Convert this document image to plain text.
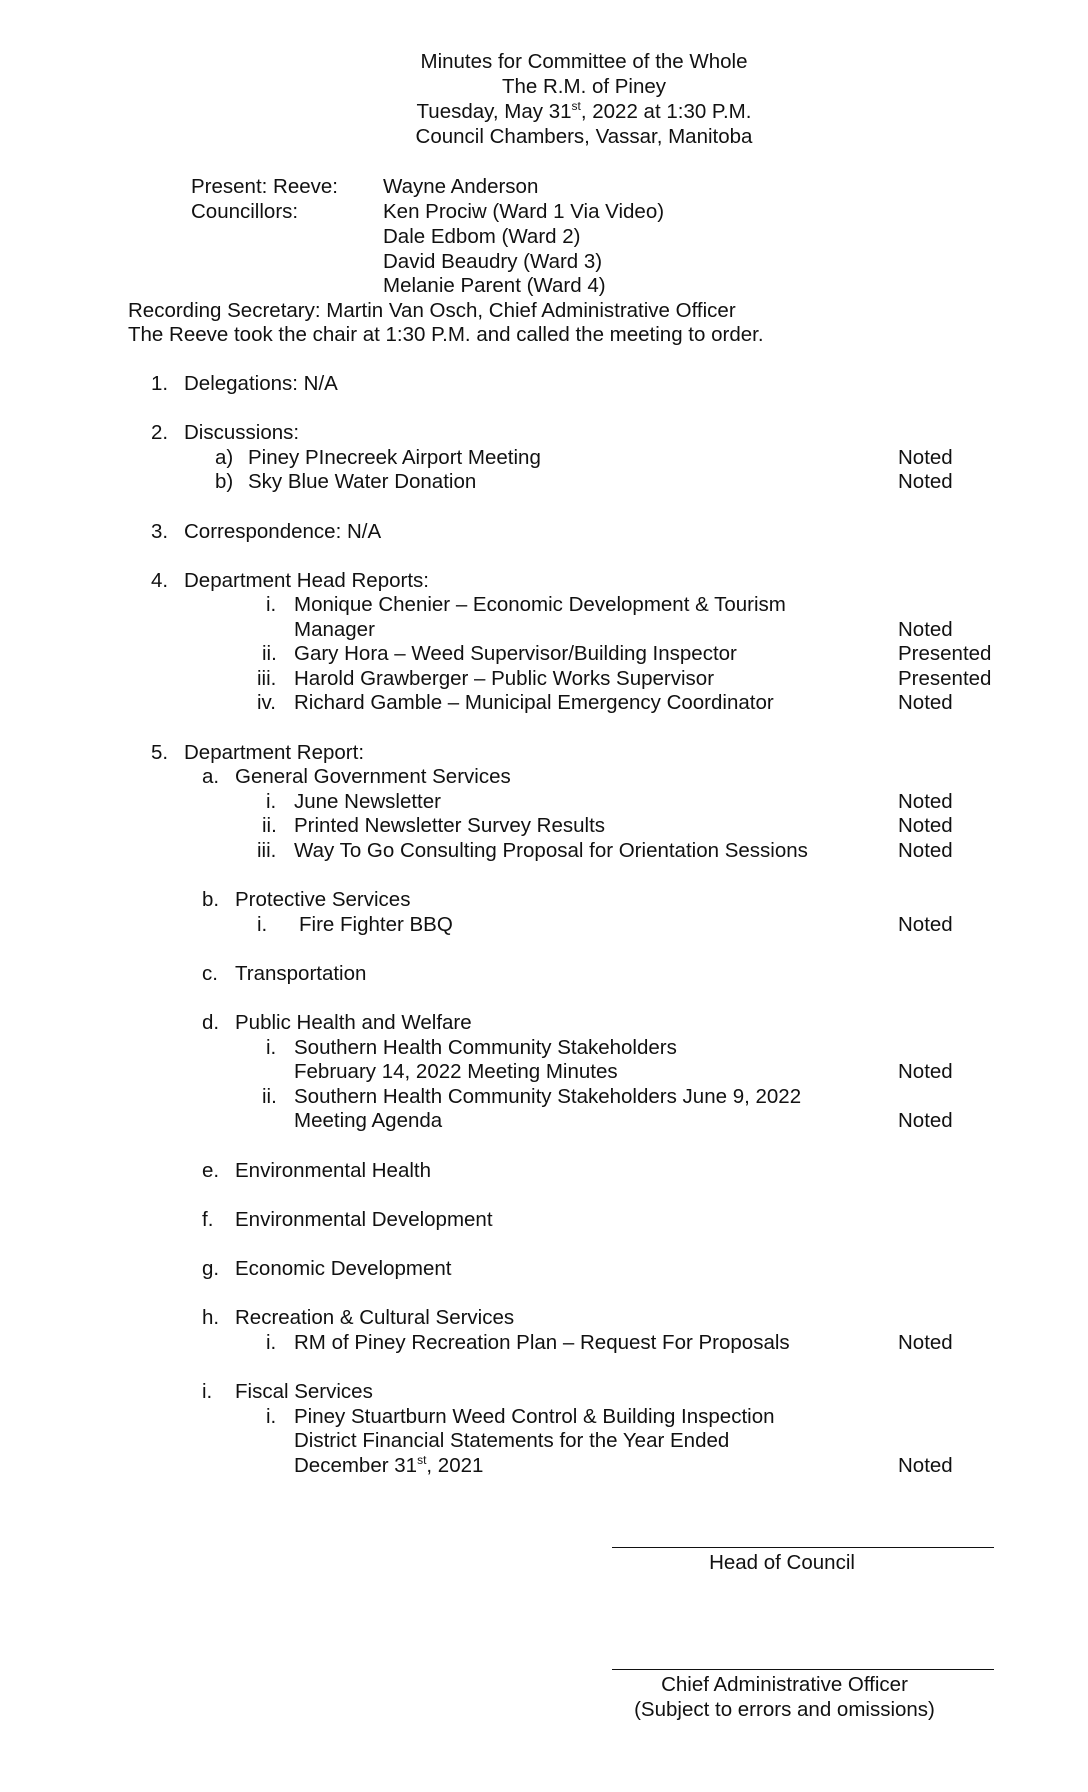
Minutes for Committee of the Whole
The R.M. of Piney
Tuesday, May 31st, 2022 at 1:30 P.M.
Council Chambers, Vassar, Manitoba
Present: Reeve: Wayne Anderson
Councillors:	Ken Prociw (Ward 1 Via Video)
Dale Edbom (Ward 2)
David Beaudry (Ward 3)
Melanie Parent (Ward 4)
Recording Secretary: Martin Van Osch, Chief Administrative Officer
The Reeve took the chair at 1:30 P.M. and called the meeting to order.
1. Delegations: N/A
2. Discussions:
a) Piney PInecreek Airport Meeting	Noted
b) Sky Blue Water Donation	Noted
3. Correspondence: N/A
4. Department Head Reports:
i. Monique Chenier – Economic Development & Tourism
Manager	Noted
ii. Gary Hora – Weed Supervisor/Building Inspector	Presented
iii. Harold Grawberger – Public Works Supervisor	Presented
iv. Richard Gamble – Municipal Emergency Coordinator	Noted
5. Department Report:
a. General Government Services
i. June Newsletter	Noted
ii. Printed Newsletter Survey Results	Noted
iii. Way To Go Consulting Proposal for Orientation Sessions	Noted
b. Protective Services
i. Fire Fighter BBQ	Noted
c. Transportation
d. Public Health and Welfare
i. Southern Health Community Stakeholders
February 14, 2022 Meeting Minutes	Noted
ii. Southern Health Community Stakeholders June 9, 2022
Meeting Agenda	Noted
e. Environmental Health
f. Environmental Development
g. Economic Development
h. Recreation & Cultural Services
i. RM of Piney Recreation Plan – Request For Proposals	Noted
i. Fiscal Services
i. Piney Stuartburn Weed Control & Building Inspection
District Financial Statements for the Year Ended
December 31st, 2021	Noted
Head of Council
Chief Administrative Officer
(Subject to errors and omissions)
